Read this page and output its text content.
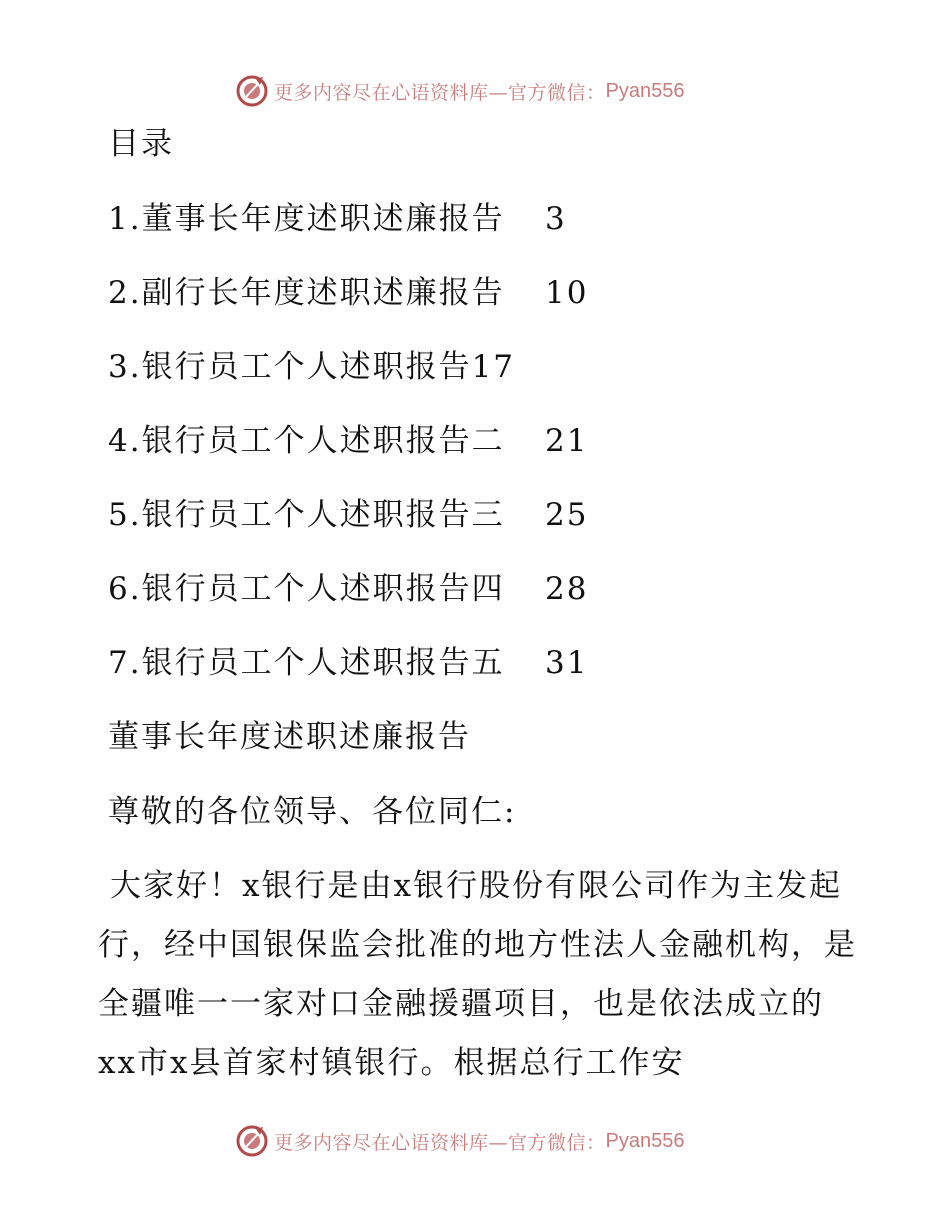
更多内容尽在心语资料库—官方微信： Pyan556
目录
1.董事长年度述职述廉报告 3
2.副行长年度述职述廉报告 10
3.银行员工个人述职报告17
4.银行员工个人述职报告二 21
5.银行员工个人述职报告三 25
6.银行员工个人述职报告四 28
7.银行员工个人述职报告五 31
董事长年度述职述廉报告
尊敬的各位领导、各位同仁:
大家好！x银行是由x银行股份有限公司作为主发起行，经中国银保监会批准的地方性法人金融机构，是全疆唯一一家对口金融援疆项目，也是依法成立的xx市x县首家村镇银行。根据总行工作安
更多内容尽在心语资料库—官方微信： Pyan556
